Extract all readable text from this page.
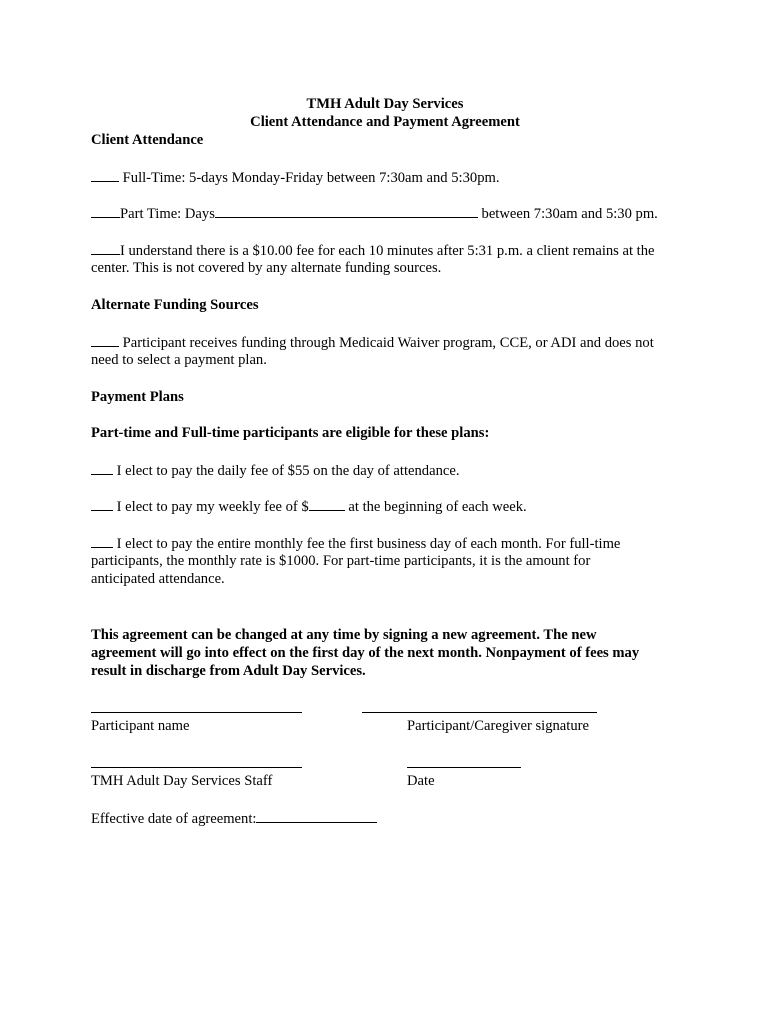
TMH Adult Day Services
Client Attendance and Payment Agreement
Client Attendance
Full-Time: 5-days Monday-Friday between 7:30am and 5:30pm.
Part Time: Days	between 7:30am and 5:30 pm.
I understand there is a $10.00 fee for each 10 minutes after 5:31 p.m. a client remains at the
center. This is not covered by any alternate funding sources.
Alternate Funding Sources
Participant receives funding through Medicaid Waiver program, CCE, or ADI and does not
need to select a payment plan.
Payment Plans
Part-time and Full-time participants are eligible for these plans:
I elect to pay the daily fee of $55 on the day of attendance.
I elect to pay my weekly fee of $	at the beginning of each week.
I elect to pay the entire monthly fee the first business day of each month. For full-time
participants, the monthly rate is $1000. For part-time participants, it is the amount for
anticipated attendance.
This agreement can be changed at any time by signing a new agreement. The new
agreement will go into effect on the first day of the next month. Nonpayment of fees may
result in discharge from Adult Day Services.
Participant name	Participant/Caregiver signature
TMH Adult Day Services Staff	Date
Effective date of agreement:
